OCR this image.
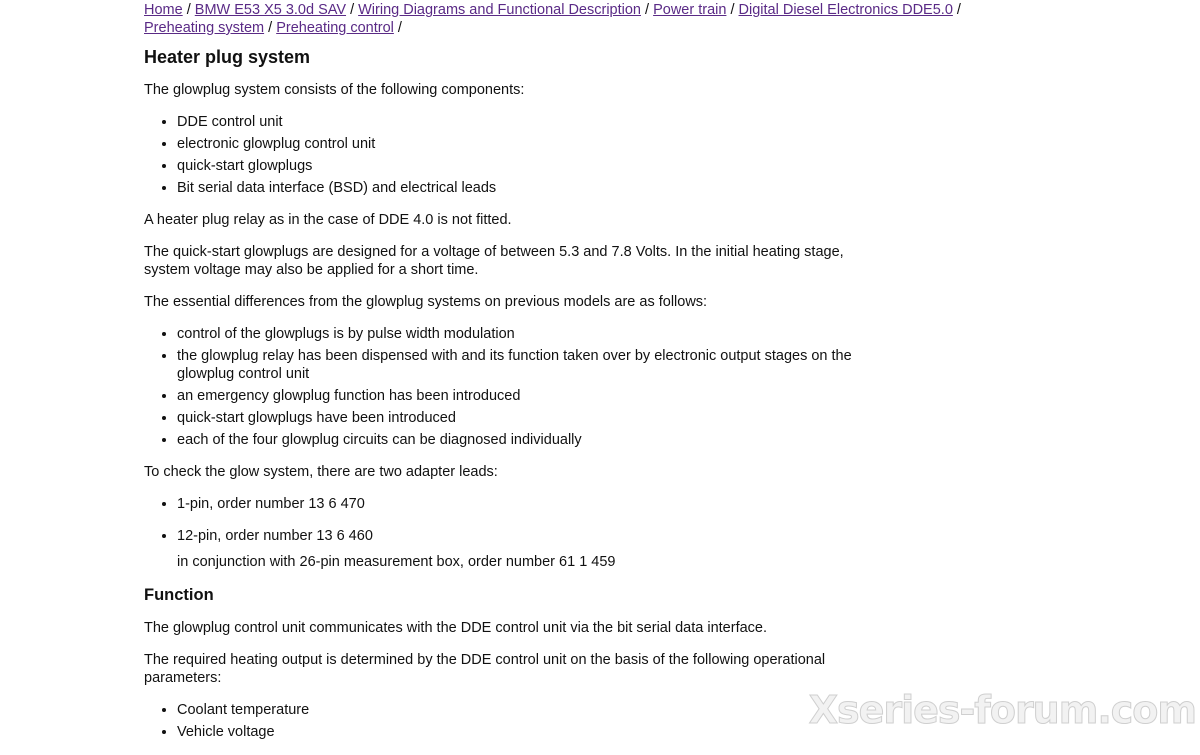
Home / BMW E53 X5 3.0d SAV / Wiring Diagrams and Functional Description / Power train / Digital Diesel Electronics DDE5.0 / Preheating system / Preheating control /
Heater plug system

The glowplug system consists of the following components:

• DDE control unit
• electronic glowplug control unit
• quick-start glowplugs
• Bit serial data interface (BSD) and electrical leads

A heater plug relay as in the case of DDE 4.0 is not fitted.

The quick-start glowplugs are designed for a voltage of between 5.3 and 7.8 Volts. In the initial heating stage, system voltage may also be applied for a short time.

The essential differences from the glowplug systems on previous models are as follows:

• control of the glowplugs is by pulse width modulation
• the glowplug relay has been dispensed with and its function taken over by electronic output stages on the glowplug control unit
• an emergency glowplug function has been introduced
• quick-start glowplugs have been introduced
• each of the four glowplug circuits can be diagnosed individually

To check the glow system, there are two adapter leads:

• 1-pin, order number 13 6 470
• 12-pin, order number 13 6 460
in conjunction with 26-pin measurement box, order number 61 1 459
Function

The glowplug control unit communicates with the DDE control unit via the bit serial data interface.

The required heating output is determined by the DDE control unit on the basis of the following operational parameters:

• Coolant temperature
• Vehicle voltage	Xseries-forum.com
